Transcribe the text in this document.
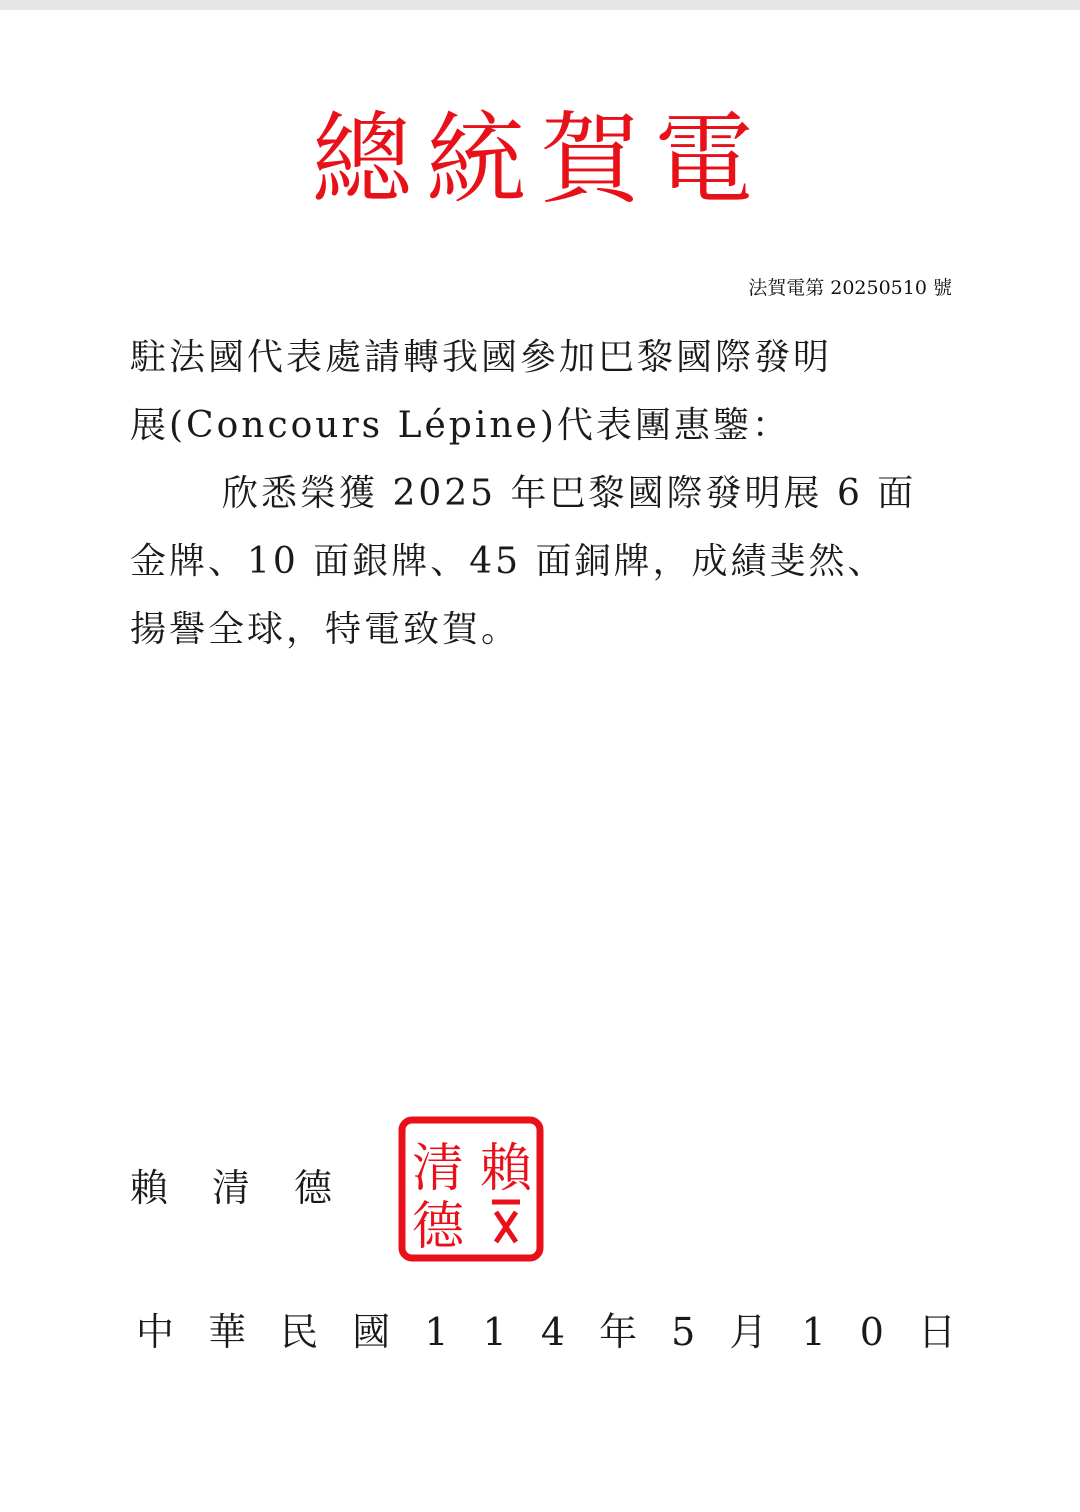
總統賀電
法賀電第 20250510 號

駐法國代表處請轉我國參加巴黎國際發明

展(Concours Lépine)代表團惠鑒：

欣悉榮獲 2025 年巴黎國際發明展 6 面

金牌、10 面銀牌、45 面銅牌，成績斐然、

揚譽全球，特電致賀。

賴清德 賴
清
德
中 華 民 國 1 1 4 年 5 月 1 0 日
